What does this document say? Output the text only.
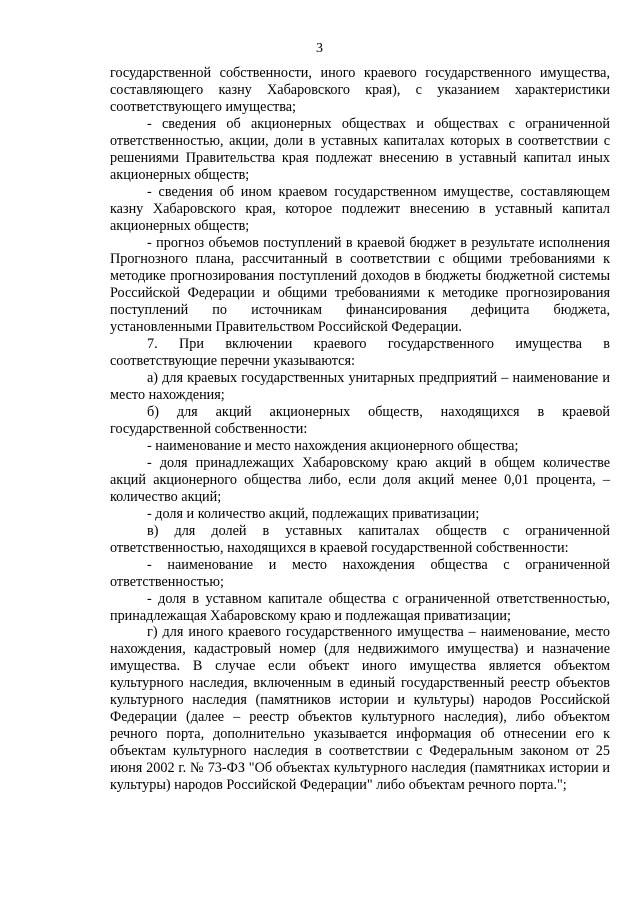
3

государственной собственности, иного краевого государственного имущества, составляющего казну Хабаровского края), с указанием характеристики соответствующего имущества;

- сведения об акционерных обществах и обществах с ограниченной ответственностью, акции, доли в уставных капиталах которых в соответствии с решениями Правительства края подлежат внесению в уставный капитал иных акционерных обществ;

- сведения об ином краевом государственном имуществе, составляющем казну Хабаровского края, которое подлежит внесению в уставный капитал акционерных обществ;

- прогноз объемов поступлений в краевой бюджет в результате исполнения Прогнозного плана, рассчитанный в соответствии с общими требованиями к методике прогнозирования поступлений доходов в бюджеты бюджетной системы Российской Федерации и общими требованиями к методике прогнозирования поступлений по источникам финансирования дефицита бюджета, установленными Правительством Российской Федерации.

7. При включении краевого государственного имущества в соответствующие перечни указываются:

а) для краевых государственных унитарных предприятий – наименование и место нахождения;

б) для акций акционерных обществ, находящихся в краевой государственной собственности:

- наименование и место нахождения акционерного общества;

- доля принадлежащих Хабаровскому краю акций в общем количестве акций акционерного общества либо, если доля акций менее 0,01 процента, – количество акций;

- доля и количество акций, подлежащих приватизации;

в) для долей в уставных капиталах обществ с ограниченной ответственностью, находящихся в краевой государственной собственности:

- наименование и место нахождения общества с ограниченной ответственностью;

- доля в уставном капитале общества с ограниченной ответственностью, принадлежащая Хабаровскому краю и подлежащая приватизации;

г) для иного краевого государственного имущества – наименование, место нахождения, кадастровый номер (для недвижимого имущества) и назначение имущества. В случае если объект иного имущества является объектом культурного наследия, включенным в единый государственный реестр объектов культурного наследия (памятников истории и культуры) народов Российской Федерации (далее – реестр объектов культурного наследия), либо объектом речного порта, дополнительно указывается информация об отнесении его к объектам культурного наследия в соответствии с Федеральным законом от 25 июня 2002 г. № 73-ФЗ "Об объектах культурного наследия (памятниках истории и культуры) народов Российской Федерации" либо объектам речного порта.";
